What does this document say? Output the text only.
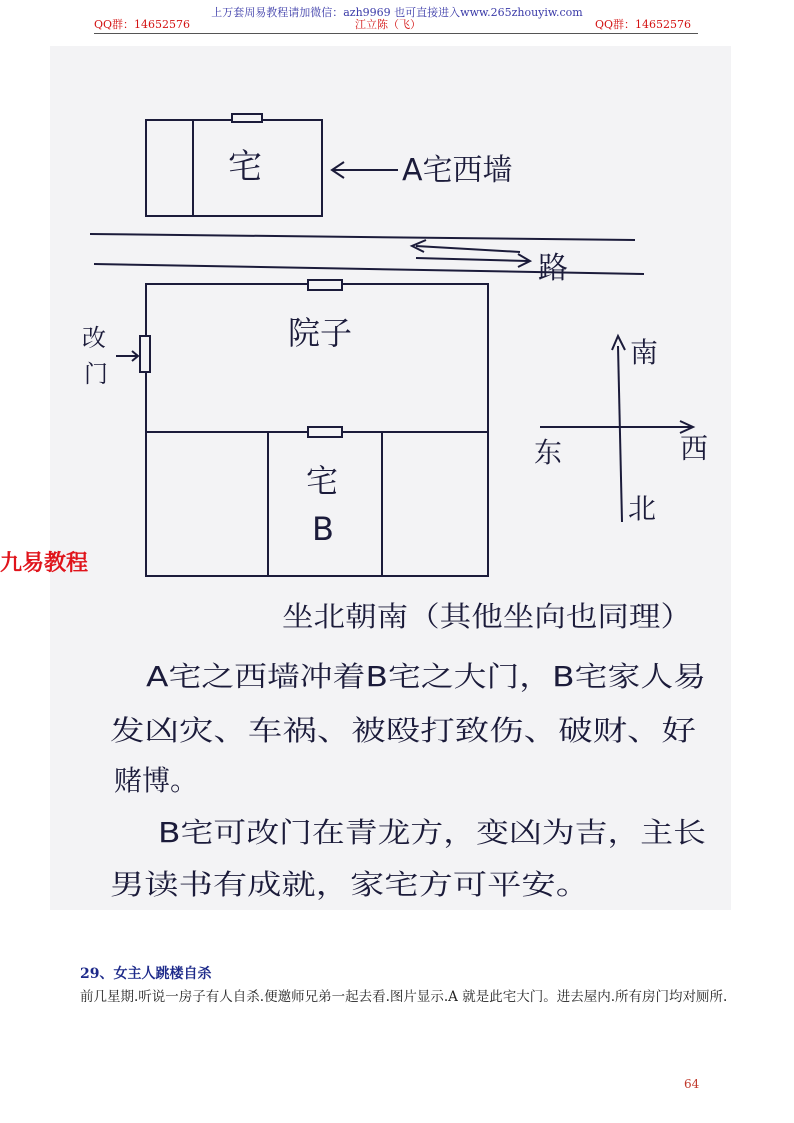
上万套周易教程请加微信：azh9969 也可直接进入www.265zhouyiw.com
QQ群：14652576	江立陈（飞）	QQ群：14652576
宅	A宅西墙
路
院子
改
门
宅
B
南
东	西
北
坐北朝南（其他坐向也同理）
A宅之西墙冲着B宅之大门，B宅家人易
发凶灾、车祸、被殴打致伤、破财、好
赌博。
B宅可改门在青龙方，变凶为吉，主长
男读书有成就，家宅方可平安。
九易教程
29、女主人跳楼自杀
前几星期.听说一房子有人自杀.便邀师兄弟一起去看.图片显示.A 就是此宅大门。进去屋内.所有房门均对厕所.
64
